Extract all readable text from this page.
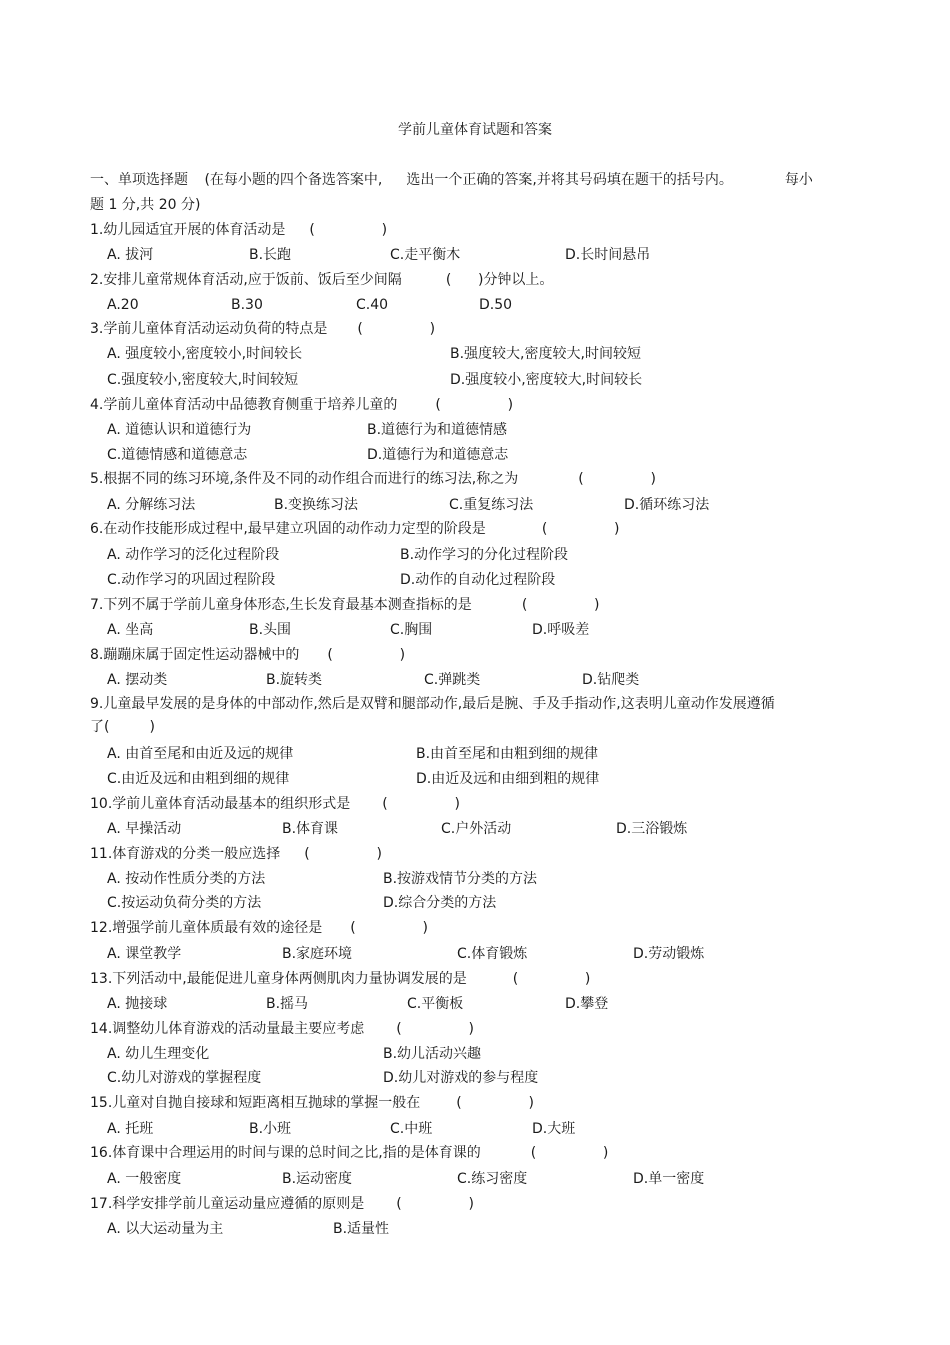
学前儿童体育试题和答案
一、单项选择题 (在每小题的四个备选答案中, 选出一个正确的答案,并将其号码填在题干的括号内。	每小
题 1 分,共 20 分)
1.幼儿园适宜开展的体育活动是 (               )
A. 拔河	B.长跑	C.走平衡木	D.长时间悬吊
2.安排儿童常规体育活动,应于饭前、饭后至少间隔	(      )分钟以上。
A.20	B.30	C.40	D.50
3.学前儿童体育活动运动负荷的特点是 (               )
A. 强度较小,密度较小,时间较长	B.强度较大,密度较大,时间较短
C.强度较小,密度较大,时间较短	D.强度较小,密度较大,时间较长
4.学前儿童体育活动中品德教育侧重于培养儿童的	(               )
A. 道德认识和道德行为	B.道德行为和道德情感
C.道德情感和道德意志	D.道德行为和道德意志
5.根据不同的练习环境,条件及不同的动作组合而进行的练习法,称之为	(               )
A. 分解练习法	B.变换练习法	C.重复练习法	D.循环练习法
6.在动作技能形成过程中,最早建立巩固的动作动力定型的阶段是	(               )
A. 动作学习的泛化过程阶段	B.动作学习的分化过程阶段
C.动作学习的巩固过程阶段	D.动作的自动化过程阶段
7.下列不属于学前儿童身体形态,生长发育最基本测查指标的是	(               )
A. 坐高	B.头围	C.胸围	D.呼吸差
8.蹦蹦床属于固定性运动器械中的 (               )
A. 摆动类	B.旋转类	C.弹跳类	D.钻爬类
9.儿童最早发展的是身体的中部动作,然后是双臂和腿部动作,最后是腕、手及手指动作,这表明儿童动作发展遵循了(         )
A. 由首至尾和由近及远的规律	B.由首至尾和由粗到细的规律
C.由近及远和由粗到细的规律	D.由近及远和由细到粗的规律
10.学前儿童体育活动最基本的组织形式是 (               )
A. 早操活动	B.体育课	C.户外活动	D.三浴锻炼
11.体育游戏的分类一般应选择 (               )
A. 按动作性质分类的方法	B.按游戏情节分类的方法
C.按运动负荷分类的方法	D.综合分类的方法
12.增强学前儿童体质最有效的途径是 (               )
A. 课堂教学	B.家庭环境	C.体育锻炼	D.劳动锻炼
13.下列活动中,最能促进儿童身体两侧肌肉力量协调发展的是	(               )
A. 抛接球	B.摇马	C.平衡板	D.攀登
14.调整幼儿体育游戏的活动量最主要应考虑 (               )
A. 幼儿生理变化	B.幼儿活动兴趣
C.幼儿对游戏的掌握程度	D.幼儿对游戏的参与程度
15.儿童对自抛自接球和短距离相互抛球的掌握一般在	(               )
A. 托班	B.小班	C.中班	D.大班
16.体育课中合理运用的时间与课的总时间之比,指的是体育课的	(               )
A. 一般密度	B.运动密度	C.练习密度	D.单一密度
17.科学安排学前儿童运动量应遵循的原则是 (               )
A. 以大运动量为主	B.适量性
